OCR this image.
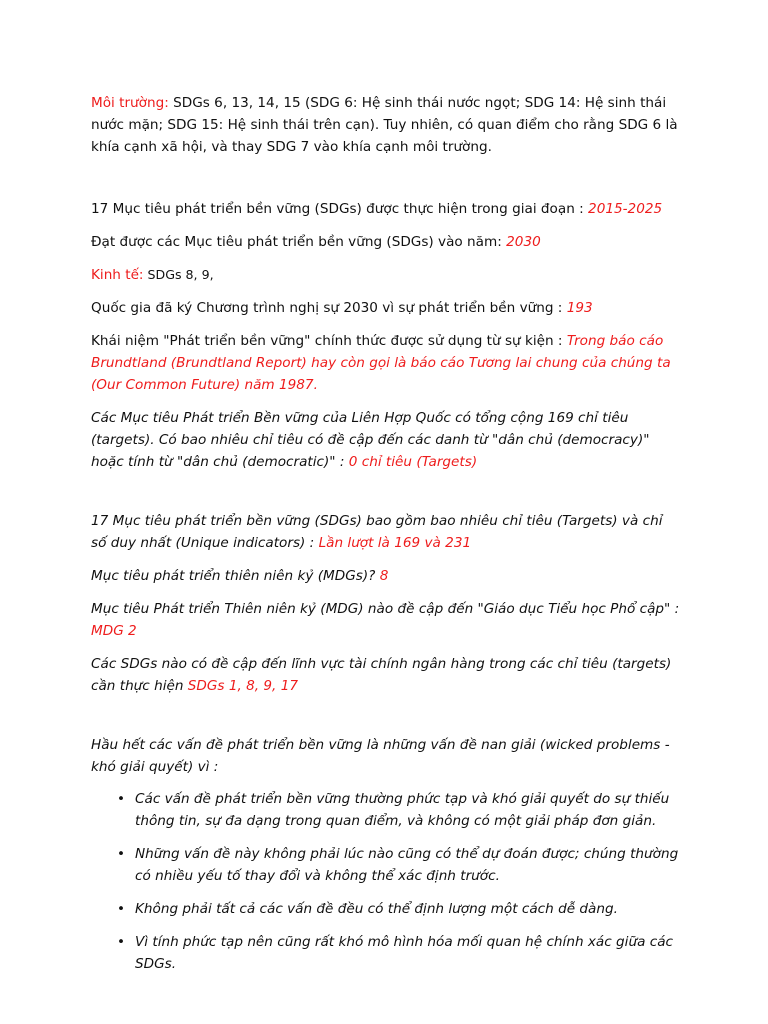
Môi trường: SDGs 6, 13, 14, 15 (SDG 6: Hệ sinh thái nước ngọt; SDG 14: Hệ sinh thái nước mặn; SDG 15: Hệ sinh thái trên cạn). Tuy nhiên, có quan điểm cho rằng SDG 6 là khía cạnh xã hội, và thay SDG 7 vào khía cạnh môi trường.

17 Mục tiêu phát triển bền vững (SDGs) được thực hiện trong giai đoạn : 2015-2025

Đạt được các Mục tiêu phát triển bền vững (SDGs) vào năm: 2030

Kinh tế: SDGs 8, 9,

Quốc gia đã ký Chương trình nghị sự 2030 vì sự phát triển bền vững : 193

Khái niệm "Phát triển bền vững" chính thức được sử dụng từ sự kiện : Trong báo cáo Brundtland (Brundtland Report) hay còn gọi là báo cáo Tương lai chung của chúng ta (Our Common Future) năm 1987.

Các Mục tiêu Phát triển Bền vững của Liên Hợp Quốc có tổng cộng 169 chỉ tiêu (targets). Có bao nhiêu chỉ tiêu có đề cập đến các danh từ "dân chủ (democracy)" hoặc tính từ "dân chủ (democratic)" : 0 chỉ tiêu (Targets)

17 Mục tiêu phát triển bền vững (SDGs) bao gồm bao nhiêu chỉ tiêu (Targets) và chỉ số duy nhất (Unique indicators) : Lần lượt là 169 và 231

Mục tiêu phát triển thiên niên kỷ (MDGs)? 8

Mục tiêu Phát triển Thiên niên kỷ (MDG) nào đề cập đến "Giáo dục Tiểu học Phổ cập" : MDG 2

Các SDGs nào có đề cập đến lĩnh vực tài chính ngân hàng trong các chỉ tiêu (targets) cần thực hiện SDGs 1, 8, 9, 17

Hầu hết các vấn đề phát triển bền vững là những vấn đề nan giải (wicked problems - khó giải quyết) vì :

• Các vấn đề phát triển bền vững thường phức tạp và khó giải quyết do sự thiếu thông tin, sự đa dạng trong quan điểm, và không có một giải pháp đơn giản.
• Những vấn đề này không phải lúc nào cũng có thể dự đoán được; chúng thường có nhiều yếu tố thay đổi và không thể xác định trước.
• Không phải tất cả các vấn đề đều có thể định lượng một cách dễ dàng.
• Vì tính phức tạp nên cũng rất khó mô hình hóa mối quan hệ chính xác giữa các SDGs.
